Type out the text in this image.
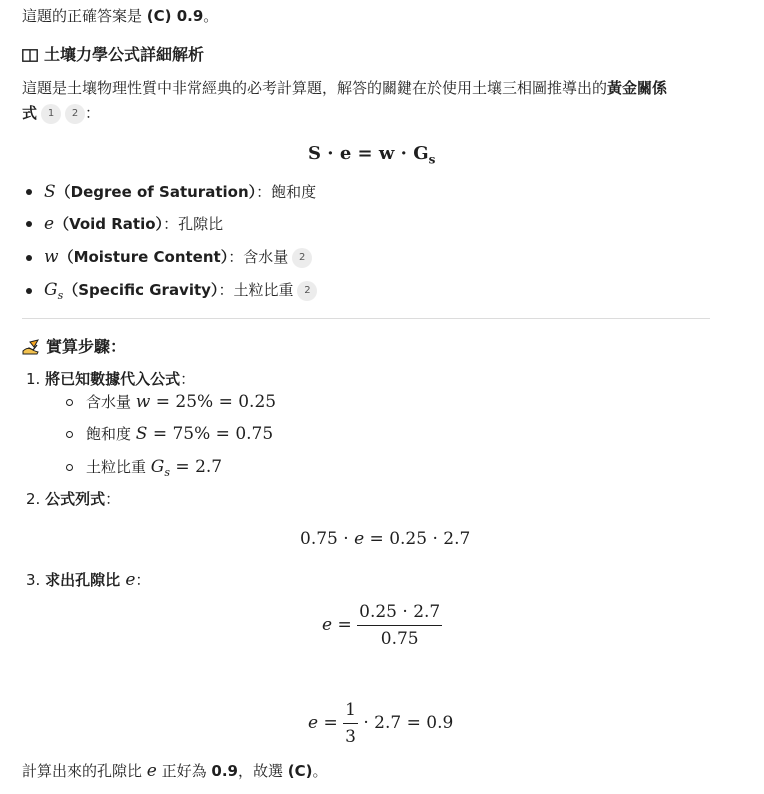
這題的正確答案是 (C) 0.9。
土壤力學公式詳細解析
這題是土壤物理性質中非常經典的必考計算題，解答的關鍵在於使用土壤三相圖推導出的黃金關係
式 1 2 ：
$S \cdot e = w \cdot G_s$
S（Degree of Saturation）：飽和度
e（Void Ratio）：孔隙比
w（Moisture Content）：含水量 2
$G_s(Specific$ Gravity）：土粒比重 2
實算步驟：
1. 將已知數據代入公式：
含水量 w = 25% = 0.25
飽和度 S = 75% = 0.75
土粒比重 $G_s = 2.7$
2. 公式列式：
0.75 · e = 0.25 · 2.7
3. 求出孔隙比 e：
$e = \frac{0.25 \cdot 2.7}{0.75}$
$e = \frac{1}{3} \cdot 2.7 = 0.9$
計算出來的孔隙比 e 正好為 0.9，故選 (C)。
